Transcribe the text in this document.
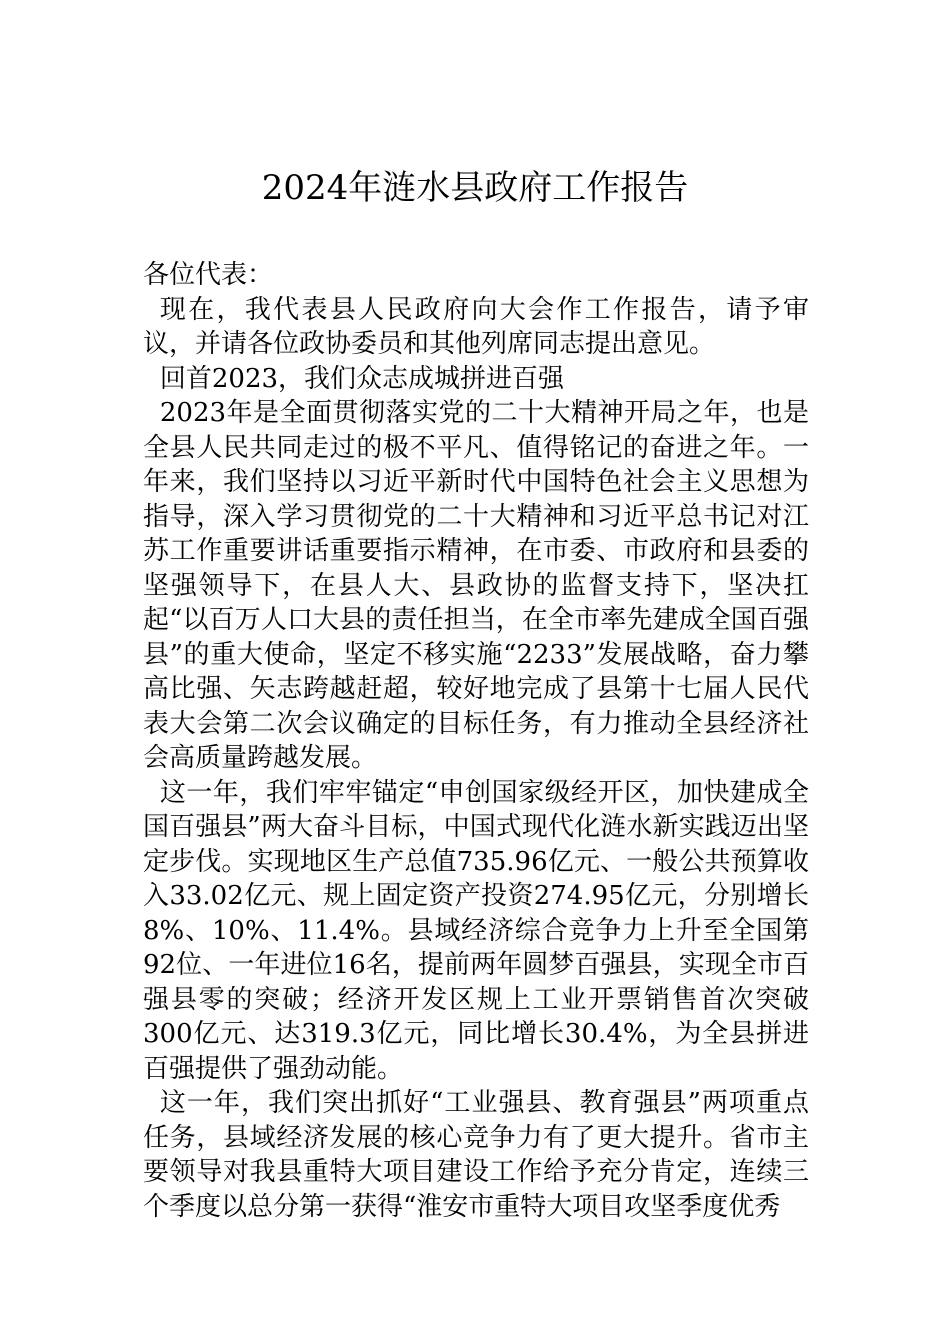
2024年涟水县政府工作报告

各位代表：

现在，我代表县人民政府向大会作工作报告，请予审议，并请各位政协委员和其他列席同志提出意见。

回首2023，我们众志成城拼进百强

2023年是全面贯彻落实党的二十大精神开局之年，也是全县人民共同走过的极不平凡、值得铭记的奋进之年。一年来，我们坚持以习近平新时代中国特色社会主义思想为指导，深入学习贯彻党的二十大精神和习近平总书记对江苏工作重要讲话重要指示精神，在市委、市政府和县委的坚强领导下，在县人大、县政协的监督支持下，坚决扛起“以百万人口大县的责任担当，在全市率先建成全国百强县”的重大使命，坚定不移实施“2233”发展战略，奋力攀高比强、矢志跨越赶超，较好地完成了县第十七届人民代表大会第二次会议确定的目标任务，有力推动全县经济社会高质量跨越发展。

这一年，我们牢牢锚定“申创国家级经开区，加快建成全国百强县”两大奋斗目标，中国式现代化涟水新实践迈出坚定步伐。实现地区生产总值735.96亿元、一般公共预算收入33.02亿元、规上固定资产投资274.95亿元，分别增长8%、10%、11.4%。县域经济综合竞争力上升至全国第92位、一年进位16名，提前两年圆梦百强县，实现全市百强县零的突破；经济开发区规上工业开票销售首次突破300亿元、达319.3亿元，同比增长30.4%，为全县拼进百强提供了强劲动能。

这一年，我们突出抓好“工业强县、教育强县”两项重点任务，县域经济发展的核心竞争力有了更大提升。省市主要领导对我县重特大项目建设工作给予充分肯定，连续三个季度以总分第一获得“淮安市重特大项目攻坚季度优秀
